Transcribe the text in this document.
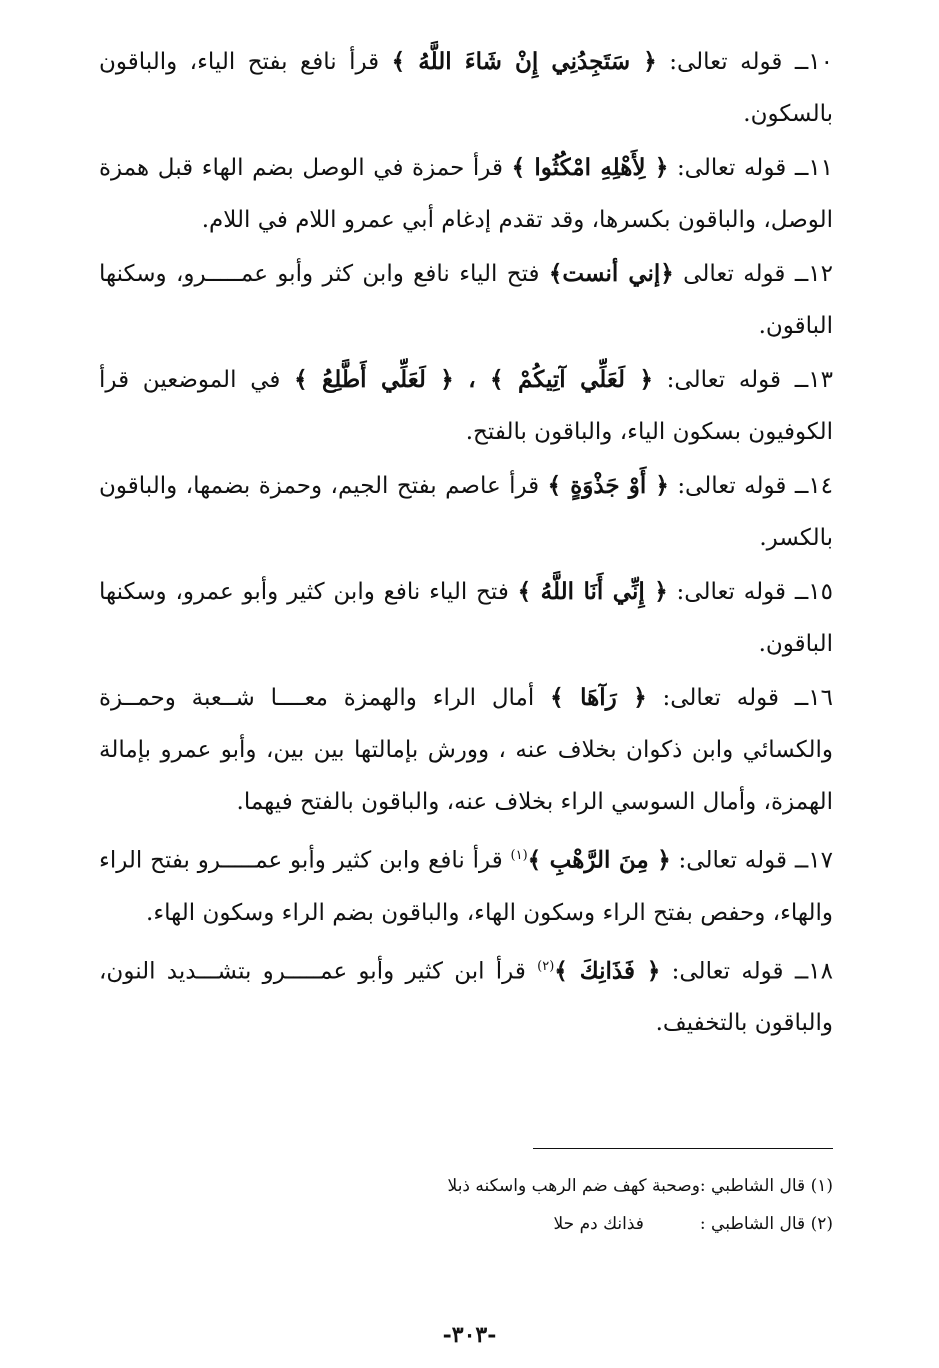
١٠ــ قوله تعالى: ﴿ سَتَجِدُنِي إِنْ شَاءَ اللَّهُ ﴾ قرأ نافع بفتح الياء، والباقون بالسكون.

١١ــ قوله تعالى: ﴿ لِأَهْلِهِ امْكُثُوا ﴾ قرأ حمزة في الوصل بضم الهاء قبل همزة الوصل، والباقون بكسرها، وقد تقدم إدغام أبي عمرو اللام في اللام.

١٢ــ قوله تعالى ﴿إني أنست﴾ فتح الياء نافع وابن كثر وأبو عمـــــرو، وسكنها الباقون.

١٣ــ قوله تعالى: ﴿ لَعَلِّي آتِيكُمْ ﴾ ، ﴿ لَعَلِّي أَطَّلِعُ ﴾ في الموضعين قرأ الكوفيون بسكون الياء، والباقون بالفتح.

١٤ــ قوله تعالى: ﴿ أَوْ جَذْوَةٍ ﴾ قرأ عاصم بفتح الجيم، وحمزة بضمها، والباقون بالكسر.

١٥ــ قوله تعالى: ﴿ إِنِّي أَنَا اللَّهُ ﴾ فتح الياء نافع وابن كثير وأبو عمرو، وسكنها الباقون.

١٦ــ قوله تعالى: ﴿ رَآهَا ﴾ أمال الراء والهمزة معــــا شــعبة وحمــزة والكسائي وابن ذكوان بخلاف عنه ، وورش بإمالتها بين بين، وأبو عمرو بإمالة الهمزة، وأمال السوسي الراء بخلاف عنه، والباقون بالفتح فيهما.

١٧ــ قوله تعالى: ﴿ مِنَ الرَّهْبِ ﴾$^{(١)}$ قرأ نافع وابن كثير وأبو عمـــــرو بفتح الراء والهاء، وحفص بفتح الراء وسكون الهاء، والباقون بضم الراء وسكون الهاء.

١٨ــ قوله تعالى: ﴿ فَذَانِكَ ﴾$^{(٢)}$ قرأ ابن كثير وأبو عمـــــرو بتشـــديد النون، والباقون بالتخفيف.

(١) قال الشاطبي :وصحبة كهف ضم الرهب واسكنه ذبلا
(٢) قال الشاطبي :فذانك دم حلا
-٣٠٣-
